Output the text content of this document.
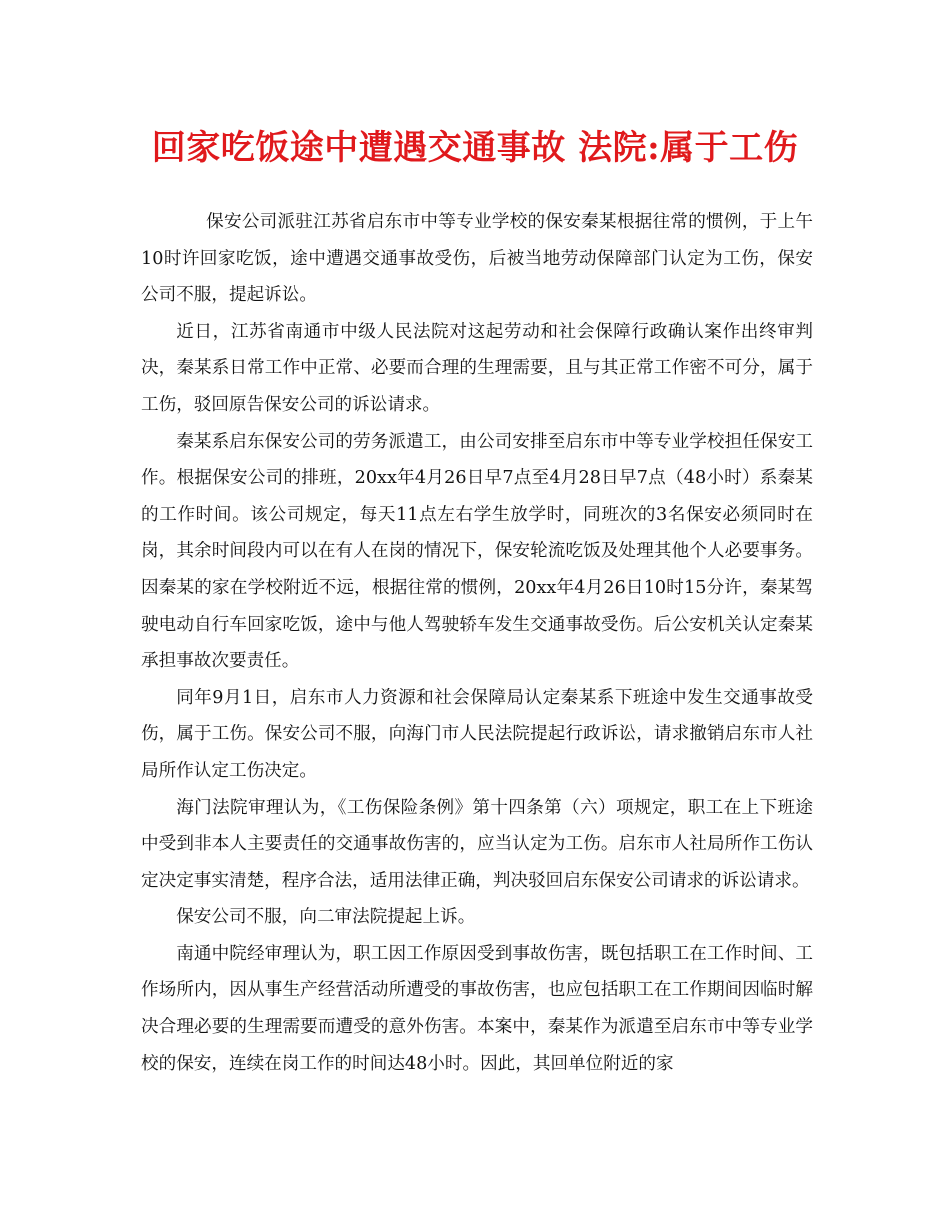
回家吃饭途中遭遇交通事故 法院:属于工伤

保安公司派驻江苏省启东市中等专业学校的保安秦某根据往常的惯例，于上午10时许回家吃饭，途中遭遇交通事故受伤，后被当地劳动保障部门认定为工伤，保安公司不服，提起诉讼。

近日，江苏省南通市中级人民法院对这起劳动和社会保障行政确认案作出终审判决，秦某系日常工作中正常、必要而合理的生理需要，且与其正常工作密不可分，属于工伤，驳回原告保安公司的诉讼请求。

秦某系启东保安公司的劳务派遣工，由公司安排至启东市中等专业学校担任保安工作。根据保安公司的排班，20xx年4月26日早7点至4月28日早7点（48小时）系秦某的工作时间。该公司规定，每天11点左右学生放学时，同班次的3名保安必须同时在岗，其余时间段内可以在有人在岗的情况下，保安轮流吃饭及处理其他个人必要事务。因秦某的家在学校附近不远，根据往常的惯例，20xx年4月26日10时15分许，秦某驾驶电动自行车回家吃饭，途中与他人驾驶轿车发生交通事故受伤。后公安机关认定秦某承担事故次要责任。

同年9月1日，启东市人力资源和社会保障局认定秦某系下班途中发生交通事故受伤，属于工伤。保安公司不服，向海门市人民法院提起行政诉讼，请求撤销启东市人社局所作认定工伤决定。

海门法院审理认为，《工伤保险条例》第十四条第（六）项规定，职工在上下班途中受到非本人主要责任的交通事故伤害的，应当认定为工伤。启东市人社局所作工伤认定决定事实清楚，程序合法，适用法律正确，判决驳回启东保安公司请求的诉讼请求。

保安公司不服，向二审法院提起上诉。

南通中院经审理认为，职工因工作原因受到事故伤害，既包括职工在工作时间、工作场所内，因从事生产经营活动所遭受的事故伤害，也应包括职工在工作期间因临时解决合理必要的生理需要而遭受的意外伤害。本案中，秦某作为派遣至启东市中等专业学校的保安，连续在岗工作的时间达48小时。因此，其回单位附近的家
